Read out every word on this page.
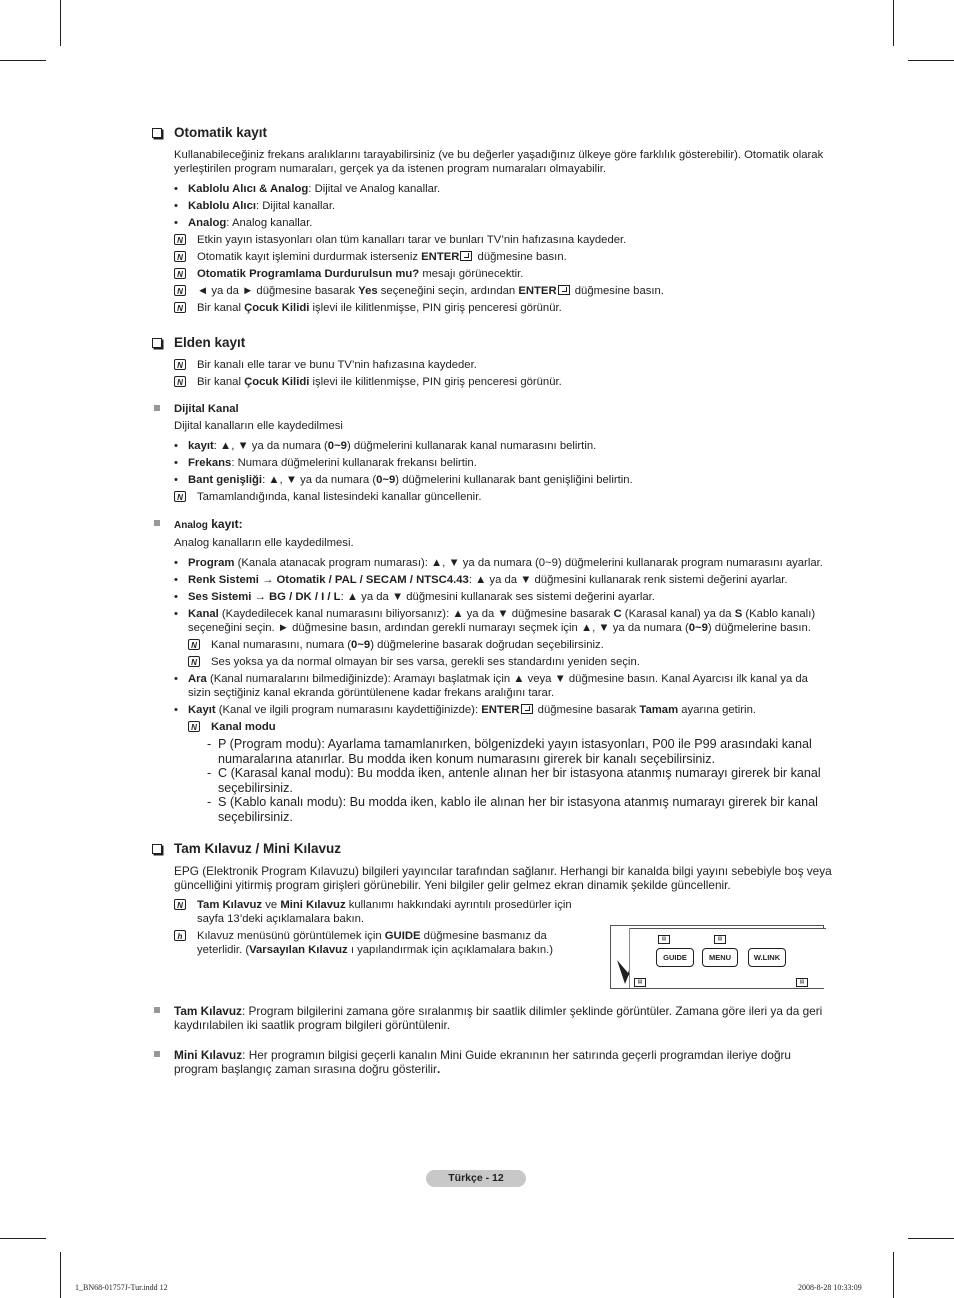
Otomatik kayıt
Kullanabileceğiniz frekans aralıklarını tarayabilirsiniz (ve bu değerler yaşadığınız ülkeye göre farklılık gösterebilir). Otomatik olarak yerleştirilen program numaraları, gerçek ya da istenen program numaraları olmayabilir.
• Kablolu Alıcı & Analog: Dijital ve Analog kanallar.
• Kablolu Alıcı: Dijital kanallar.
• Analog: Analog kanallar.
N Etkin yayın istasyonları olan tüm kanalları tarar ve bunları TV’nin hafızasına kaydeder.
N Otomatik kayıt işlemini durdurmak isterseniz ENTER düğmesine basın.
N Otomatik Programlama Durdurulsun mu? mesajı görünecektir.
N ◄ ya da ► düğmesine basarak Yes seçeneğini seçin, ardından ENTER düğmesine basın.
N Bir kanal Çocuk Kilidi işlevi ile kilitlenmişse, PIN giriş penceresi görünür.
Elden kayıt
N Bir kanalı elle tarar ve bunu TV’nin hafızasına kaydeder.
N Bir kanal Çocuk Kilidi işlevi ile kilitlenmişse, PIN giriş penceresi görünür.
Dijital Kanal
Dijital kanalların elle kaydedilmesi
• kayıt: ▲, ▼ ya da numara (0~9) düğmelerini kullanarak kanal numarasını belirtin.
• Frekans: Numara düğmelerini kullanarak frekansı belirtin.
• Bant genişliği: ▲, ▼ ya da numara (0~9) düğmelerini kullanarak bant genişliğini belirtin.
N Tamamlandığında, kanal listesindeki kanallar güncellenir.
Analog kayıt:
Analog kanalların elle kaydedilmesi.
• Program (Kanala atanacak program numarası): ▲, ▼ ya da numara (0~9) düğmelerini kullanarak program numarasını ayarlar.
• Renk Sistemi → Otomatik / PAL / SECAM / NTSC4.43: ▲ ya da ▼ düğmesini kullanarak renk sistemi değerini ayarlar.
• Ses Sistemi → BG / DK / I / L: ▲ ya da ▼ düğmesini kullanarak ses sistemi değerini ayarlar.
• Kanal (Kaydedilecek kanal numarasını biliyorsanız): ▲ ya da ▼ düğmesine basarak C (Karasal kanal) ya da S (Kablo kanalı) seçeneğini seçin. ► düğmesine basın, ardından gerekli numarayı seçmek için ▲, ▼ ya da numara (0~9) düğmelerine basın.
N Kanal numarasını, numara (0~9) düğmelerine basarak doğrudan seçebilirsiniz.
N Ses yoksa ya da normal olmayan bir ses varsa, gerekli ses standardını yeniden seçin.
• Ara (Kanal numaralarını bilmediğinizde): Aramayı başlatmak için ▲ veya ▼ düğmesine basın. Kanal Ayarcısı ilk kanal ya da sizin seçtiğiniz kanal ekranda görüntülenene kadar frekans aralığını tarar.
• Kayıt (Kanal ve ilgili program numarasını kaydettiğinizde): ENTER düğmesine basarak Tamam ayarına getirin.
N Kanal modu
- P (Program modu): Ayarlama tamamlanırken, bölgenizdeki yayın istasyonları, P00 ile P99 arasındaki kanal numaralarına atanırlar. Bu modda iken konum numarasını girerek bir kanalı seçebilirsiniz.
- C (Karasal kanal modu): Bu modda iken, antenle alınan her bir istasyona atanmış numarayı girerek bir kanal seçebilirsiniz.
- S (Kablo kanalı modu): Bu modda iken, kablo ile alınan her bir istasyona atanmış numarayı girerek bir kanal seçebilirsiniz.
Tam Kılavuz / Mini Kılavuz
EPG (Elektronik Program Kılavuzu) bilgileri yayıncılar tarafından sağlanır. Herhangi bir kanalda bilgi yayını sebebiyle boş veya güncelliğini yitirmiş program girişleri görünebilir. Yeni bilgiler gelir gelmez ekran dinamik şekilde güncellenir.
N Tam Kılavuz ve Mini Kılavuz kullanımı hakkındaki ayrıntılı prosedürler için sayfa 13’deki açıklamalara bakın.
h	Kılavuz menüsünü görüntülemek için GUIDE düğmesine basmanız da yeterlidir. (Varsayılan Kılavuz ı yapılandırmak için açıklamalara bakın.)
Tam Kılavuz: Program bilgilerini zamana göre sıralanmış bir saatlik dilimler şeklinde görüntüler. Zamana göre ileri ya da geri kaydırılabilen iki saatlik program bilgileri görüntülenir.
Mini Kılavuz: Her programın bilgisi geçerli kanalın Mini Guide ekranının her satırında geçerli programdan ileriye doğru program başlangıç zaman sırasına doğru gösterilir.
▤	▤
GUIDE	MENU	W.LINK
▤	▤
Türkçe - 12
1_BN68-01757J-Tur.indd 12	2008-8-28 10:33:09
